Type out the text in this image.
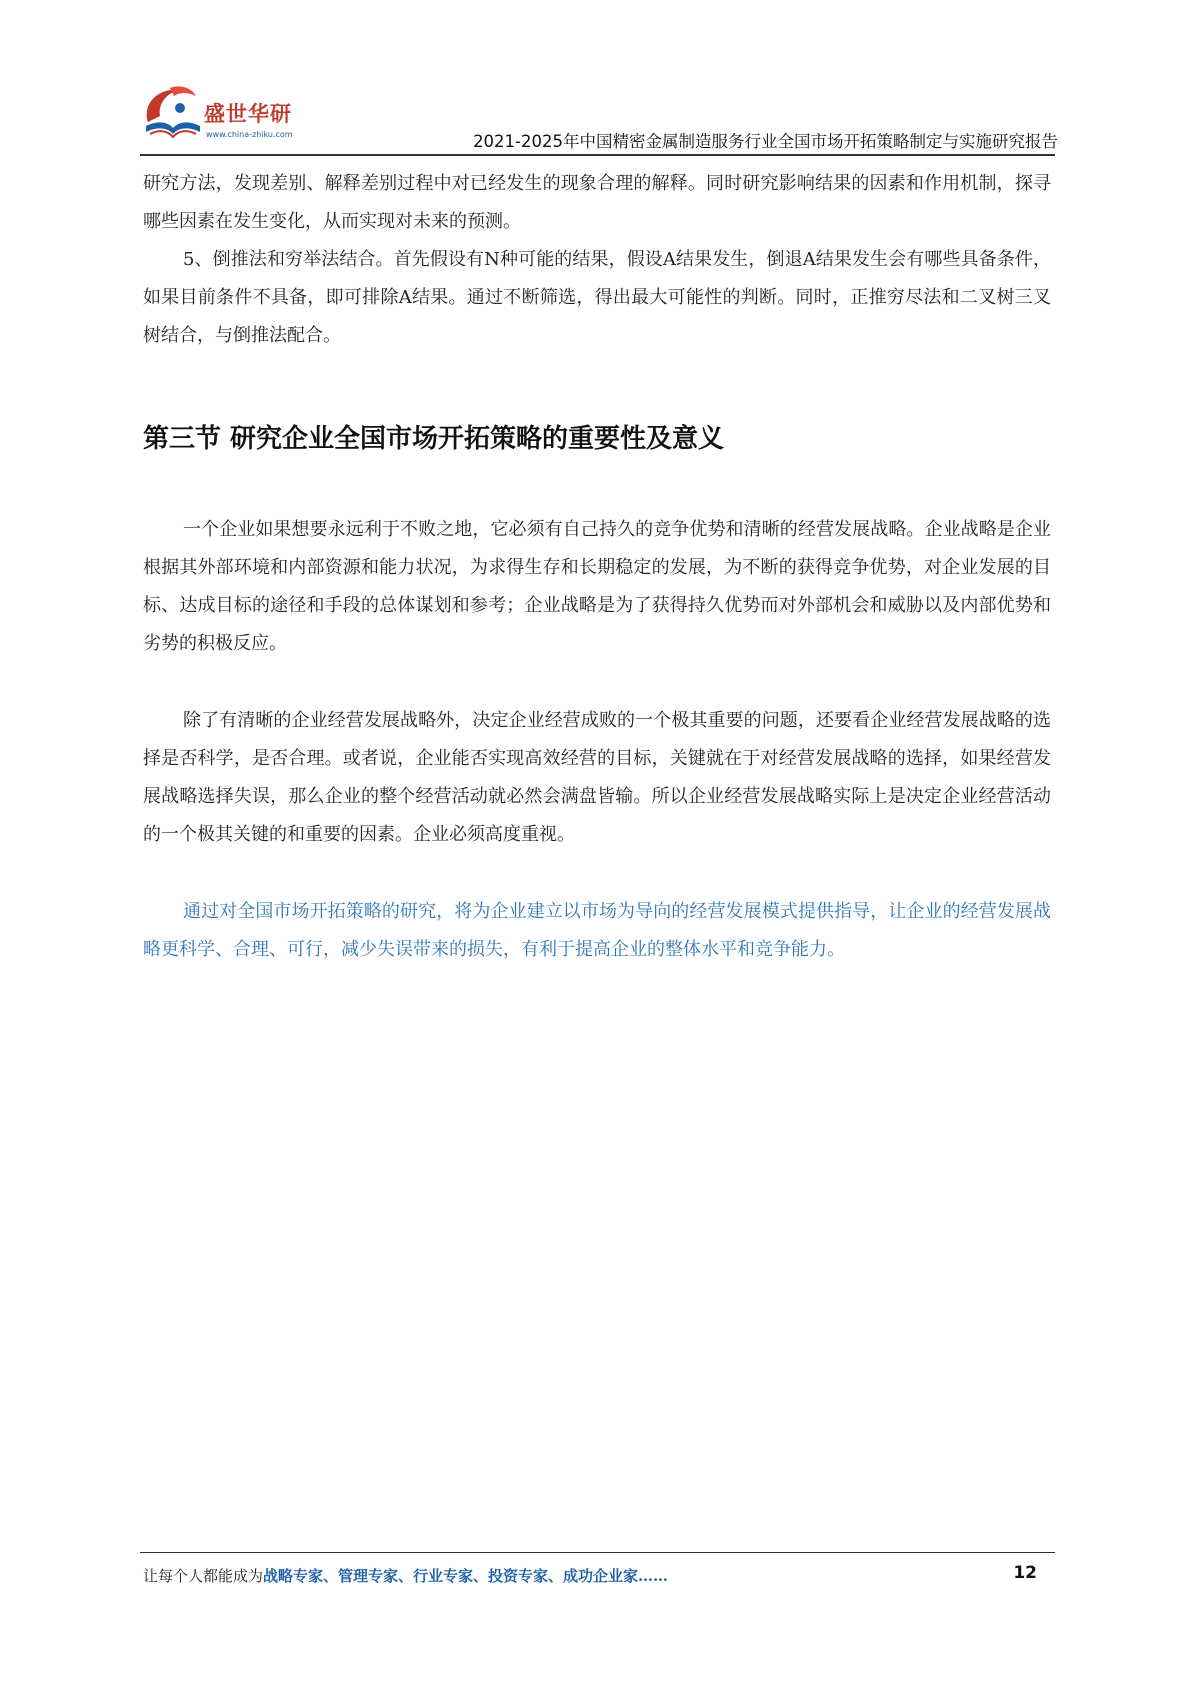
盛世华研
www.china-zhiku.com	2021-2025年中国精密金属制造服务行业全国市场开拓策略制定与实施研究报告

研究方法，发现差别、解释差别过程中对已经发生的现象合理的解释。同时研究影响结果的因素和作用机制，探寻哪些因素在发生变化，从而实现对未来的预测。

5、倒推法和穷举法结合。首先假设有N种可能的结果，假设A结果发生，倒退A结果发生会有哪些具备条件，如果目前条件不具备，即可排除A结果。通过不断筛选，得出最大可能性的判断。同时，正推穷尽法和二叉树三叉树结合，与倒推法配合。

第三节 研究企业全国市场开拓策略的重要性及意义

一个企业如果想要永远利于不败之地，它必须有自己持久的竞争优势和清晰的经营发展战略。企业战略是企业根据其外部环境和内部资源和能力状况，为求得生存和长期稳定的发展，为不断的获得竞争优势，对企业发展的目标、达成目标的途径和手段的总体谋划和参考；企业战略是为了获得持久优势而对外部机会和威胁以及内部优势和劣势的积极反应。

除了有清晰的企业经营发展战略外，决定企业经营成败的一个极其重要的问题，还要看企业经营发展战略的选择是否科学，是否合理。或者说，企业能否实现高效经营的目标，关键就在于对经营发展战略的选择，如果经营发展战略选择失误，那么企业的整个经营活动就必然会满盘皆输。所以企业经营发展战略实际上是决定企业经营活动的一个极其关键的和重要的因素。企业必须高度重视。

通过对全国市场开拓策略的研究，将为企业建立以市场为导向的经营发展模式提供指导，让企业的经营发展战略更科学、合理、可行，减少失误带来的损失，有利于提高企业的整体水平和竞争能力。

让每个人都能成为战略专家、管理专家、行业专家、投资专家、成功企业家……	12
